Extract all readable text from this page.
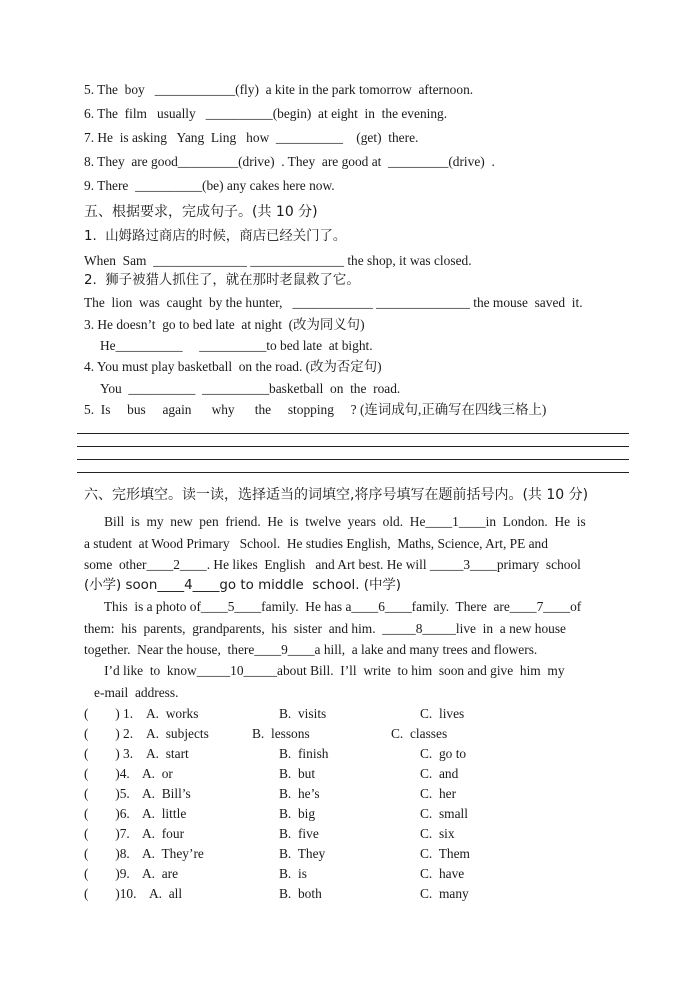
5. The  boy   ____________(fly)  a kite in the park tomorrow  afternoon.
6. The  film   usually   __________(begin)  at eight  in  the evening.
7. He  is asking   Yang  Ling   how  __________    (get)  there.
8. They  are good_________(drive)  . They  are good at  _________(drive)  .
9. There  __________(be) any cakes here now.
五、根据要求，完成句子。(共 10 分)
1.  山姆路过商店的时候，商店已经关门了。
When  Sam  ______________ ______________ the shop, it was closed.
2.  狮子被猎人抓住了，就在那时老鼠救了它。
The  lion  was  caught  by the hunter,   ____________ ______________ the mouse  saved  it.
3. He doesn’t  go to bed late  at night  (改为同义句)
He__________     __________to bed late  at bight.
4. You must play basketball  on the road. (改为否定句)
You  __________  __________basketball  on  the  road.
5.  Is     bus     again      why      the     stopping     ? (连词成句,正确写在四线三格上)
六、完形填空。读一读，选择适当的词填空,将序号填写在题前括号内。(共 10 分)
Bill  is  my  new  pen  friend.  He  is  twelve  years  old.  He____1____in  London.  He  is
a student  at Wood Primary   School.  He studies English,  Maths, Science, Art, PE and
some  other____2____. He likes  English   and Art best. He will _____3____primary  school
(小学) soon____4____go to middle  school. (中学)
This  is a photo of____5____family.  He has a____6____family.  There  are____7____of
them:  his  parents,  grandparents,  his  sister  and him.  _____8_____live  in  a new house
together.  Near the house,  there____9____a hill,  a lake and many trees and flowers.
I’d like  to  know_____10_____about Bill.  I’ll  write  to him  soon and give  him  my
e-mail  address.
(        ) 1. A.  works	B.  visits	C.  lives
(        ) 2. A.  subjects	B.  lessons	C.  classes
(        ) 3. A.  start	B.  finish	C.  go to
(        )4. A.  or	B.  but	C.  and
(        )5. A.  Bill’s	B.  he’s	C.  her
(        )6. A.  little	B.  big	C.  small
(        )7. A.  four	B.  five	C.  six
(        )8. A.  They’re	B.  They	C.  Them
(        )9. A.  are	B.  is	C.  have
(        )10. A.  all	B.  both	C.  many
